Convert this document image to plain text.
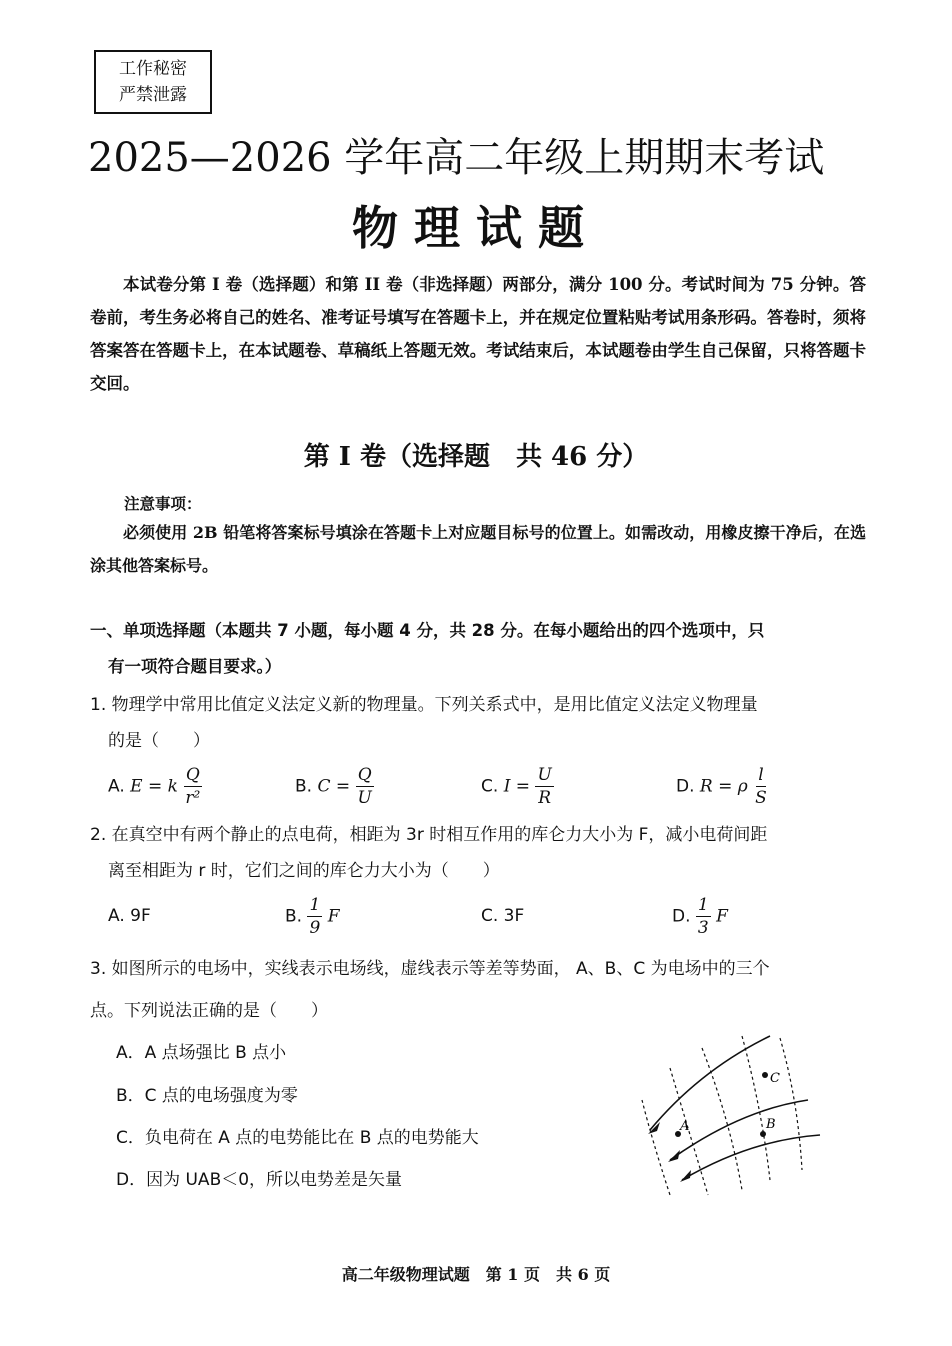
工作秘密
严禁泄露
2025—2026 学年高二年级上期期末考试
物理试题
本试卷分第 I 卷（选择题）和第 II 卷（非选择题）两部分，满分 100 分。考试时间为 75 分钟。答卷前，考生务必将自己的姓名、准考证号填写在答题卡上，并在规定位置粘贴考试用条形码。答卷时，须将答案答在答题卡上，在本试题卷、草稿纸上答题无效。考试结束后，本试题卷由学生自己保留，只将答题卡交回。
第 I 卷（选择题　共 46 分）
注意事项：
必须使用 2B 铅笔将答案标号填涂在答题卡上对应题目标号的位置上。如需改动，用橡皮擦干净后，在选涂其他答案标号。
一、单项选择题（本题共 7 小题，每小题 4 分，共 28 分。在每小题给出的四个选项中，只
有一项符合题目要求。）
1. 物理学中常用比值定义法定义新的物理量。下列关系式中，是用比值定义法定义物理量
的是（　　）
A. E = k $\frac{Q}{\text{r²}}$	B. $C = \frac{Q}{U}$	C. $I = \frac{U}{R}$	D. R = ρ $\frac{l}{S}$
2. 在真空中有两个静止的点电荷，相距为 3r 时相互作用的库仑力大小为 F，减小电荷间距
离至相距为 r 时，它们之间的库仑力大小为（　　）
A. 9F	B. $\frac{1}{9}$ F	C. 3F	D. $\frac{1}{3}$ F
3. 如图所示的电场中，实线表示电场线，虚线表示等差等势面， A、B、C 为电场中的三个
点。下列说法正确的是（　　）
A．A 点场强比 B 点小
B．C 点的电场强度为零
C．负电荷在 A 点的电势能比在 B 点的电势能大
D．因为 UAB＜0，所以电势差是矢量
A	B
C
高二年级物理试题　第 1 页　共 6 页
